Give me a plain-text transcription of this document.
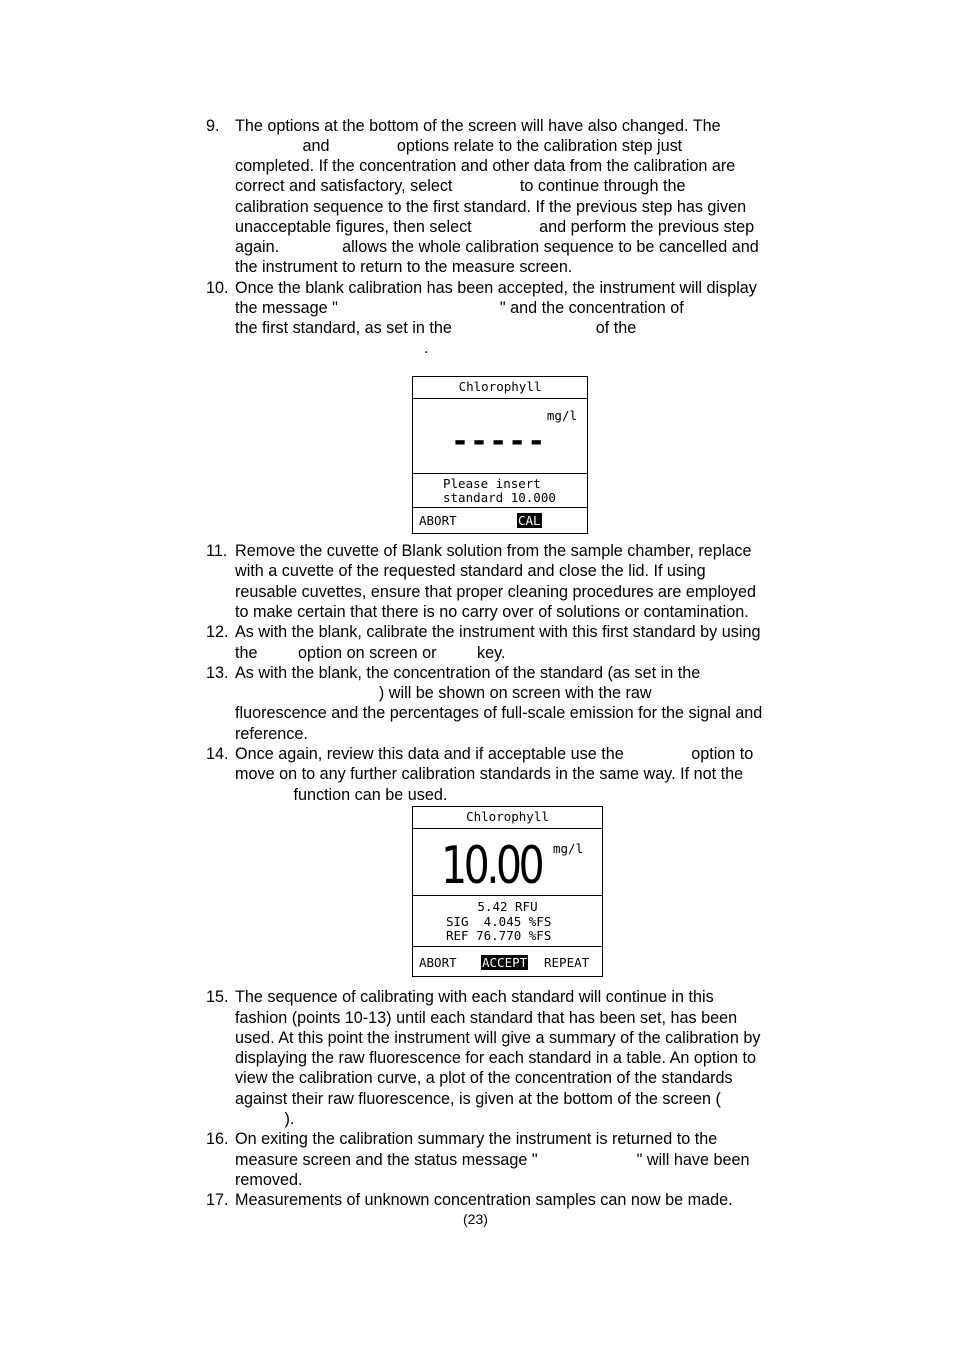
9. The options at the bottom of the screen will have also changed. The
and               options relate to the calibration step just
completed. If the concentration and other data from the calibration are
correct and satisfactory, select               to continue through the
calibration sequence to the first standard. If the previous step has given
unacceptable figures, then select               and perform the previous step
again.              allows the whole calibration sequence to be cancelled and
the instrument to return to the measure screen.
10. Once the blank calibration has been accepted, the instrument will display
the message "                                    " and the concentration of
the first standard, as set in the                                of the
.
Chlorophyll
mg/l
-----
Please insert
standard 10.000
ABORT	CAL
11. Remove the cuvette of Blank solution from the sample chamber, replace
with a cuvette of the requested standard and close the lid. If using
reusable cuvettes, ensure that proper cleaning procedures are employed
to make certain that there is no carry over of solutions or contamination.
12. As with the blank, calibrate the instrument with this first standard by using
the         option on screen or         key.
13. As with the blank, the concentration of the standard (as set in the
) will be shown on screen with the raw
fluorescence and the percentages of full-scale emission for the signal and
reference.
14. Once again, review this data and if acceptable use the               option to
move on to any further calibration standards in the same way. If not the
function can be used.
Chlorophyll
10.00 mg/l
5.42 RFU
SIG  4.045 %FS
REF 76.770 %FS
ABORT ACCEPT REPEAT
15. The sequence of calibrating with each standard will continue in this
fashion (points 10-13) until each standard that has been set, has been
used. At this point the instrument will give a summary of the calibration by
displaying the raw fluorescence for each standard in a table. An option to
view the calibration curve, a plot of the concentration of the standards
against their raw fluorescence, is given at the bottom of the screen (
).
16. On exiting the calibration summary the instrument is returned to the
measure screen and the status message "                      " will have been
removed.
17. Measurements of unknown concentration samples can now be made.
(23)
